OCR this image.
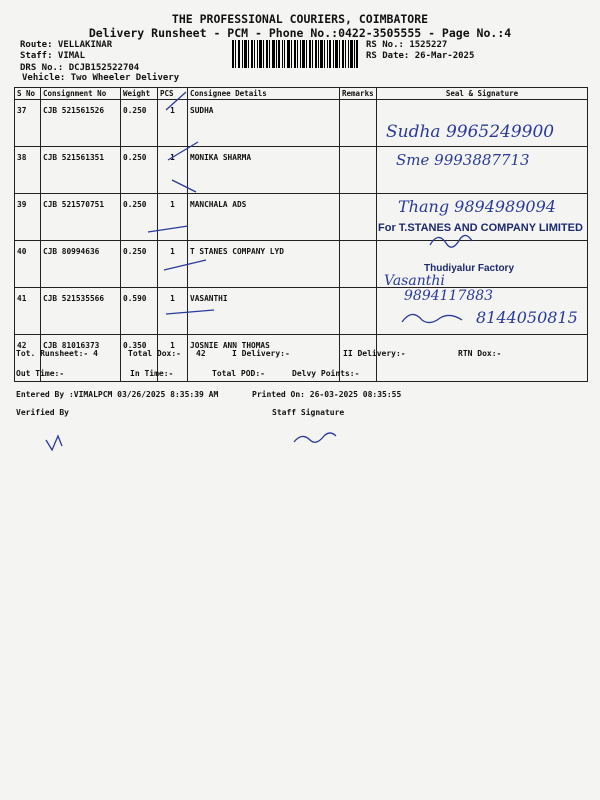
THE PROFESSIONAL COURIERS, COIMBATORE
Delivery Runsheet - PCM - Phone No.:0422-3505555 - Page No.:4
Route: VELLAKINAR
Staff: VIMAL
DRS No.: DCJB152522704
Vehicle: Two Wheeler Delivery
RS No.: 1525227
RS Date: 26-Mar-2025
S No	Consignment No	Weight	PCS	Consignee Details	Remarks	Seal & Signature
37	CJB 521561526	0.250	1	SUDHA		
38	CJB 521561351	0.250	1	MONIKA SHARMA		
39	CJB 521570751	0.250	1	MANCHALA ADS		
40	CJB 80994636	0.250	1	T STANES COMPANY LYD		
41	CJB 521535566	0.590	1	VASANTHI		
42	CJB 81016373	0.350	1	JOSNIE ANN THOMAS		
For T.STANES AND COMPANY LIMITED
Thudiyalur Factory
Sudha 9965249900
Sme 9993887713
Thang 9894989094
Vasanthi
9894117883
8144050815
Tot. Runsheet:- 4	Total Dox:- 42	I Delivery:-	II Delivery:-	RTN Dox:-
Out Time:-	In Time:-	Total POD:-	Delvy Points:-
Entered By :VIMALPCM 03/26/2025 8:35:39 AM	Printed On: 26-03-2025 08:35:55
Verified By	Staff Signature
